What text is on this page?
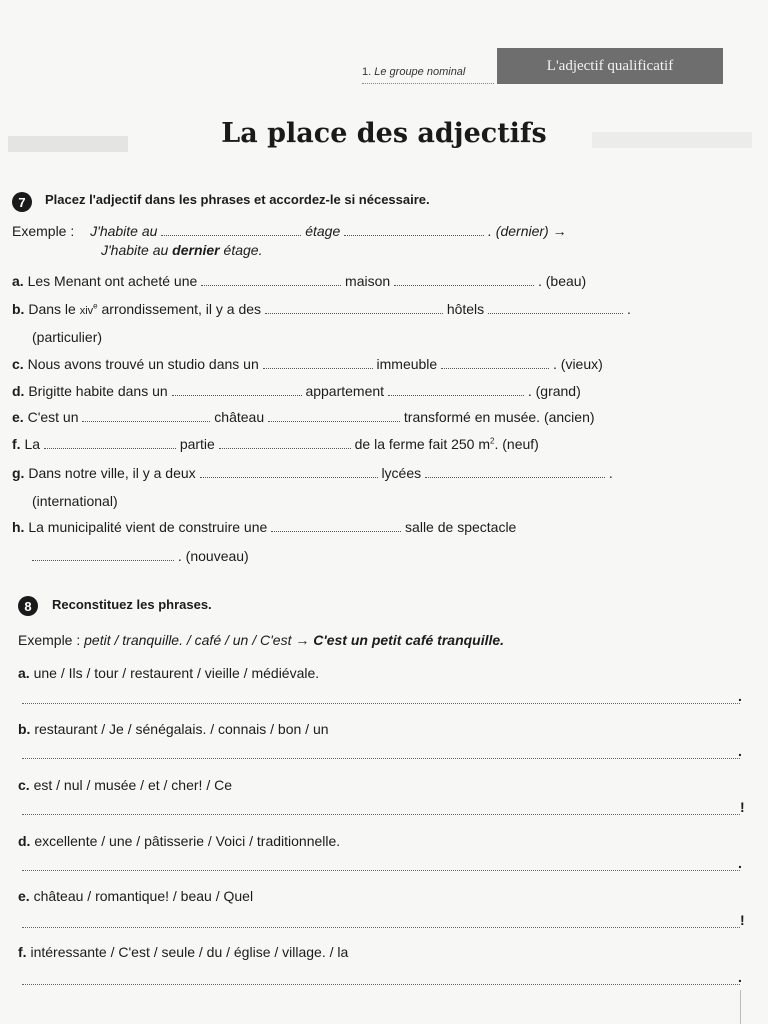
1. Le groupe nominal	L'adjectif qualificatif
La place des adjectifs
7	Placez l'adjectif dans les phrases et accordez-le si nécessaire.
Exemple : J'habite au	étage	. (dernier) →
J'habite au dernier étage.
a. Les Menant ont acheté une	maison	. (beau)
b. Dans le xiv$^e$ arrondissement, il y a des	hôtels	.
(particulier)
c. Nous avons trouvé un studio dans un	immeuble	. (vieux)
d. Brigitte habite dans un	appartement	. (grand)
e. C'est un	château	transformé en musée. (ancien)
f. La	partie	de la ferme fait 250 $m^2$. (neuf)
g. Dans notre ville, il y a deux	lycées	.
(international)
h. La municipalité vient de construire une	salle de spectacle
. (nouveau)
8	Reconstituez les phrases.
Exemple : petit / tranquille. / café / un / C'est → C'est un petit café tranquille.
a. une / Ils / tour / restaurent / vieille / médiévale.
.
b. restaurant / Je / sénégalais. / connais / bon / un
.
c. est / nul / musée / et / cher! / Ce
!
d. excellente / une / pâtisserie / Voici / traditionnelle.
.
e. château / romantique! / beau / Quel
!
f. intéressante / C'est / seule / du / église / village. / la
.
